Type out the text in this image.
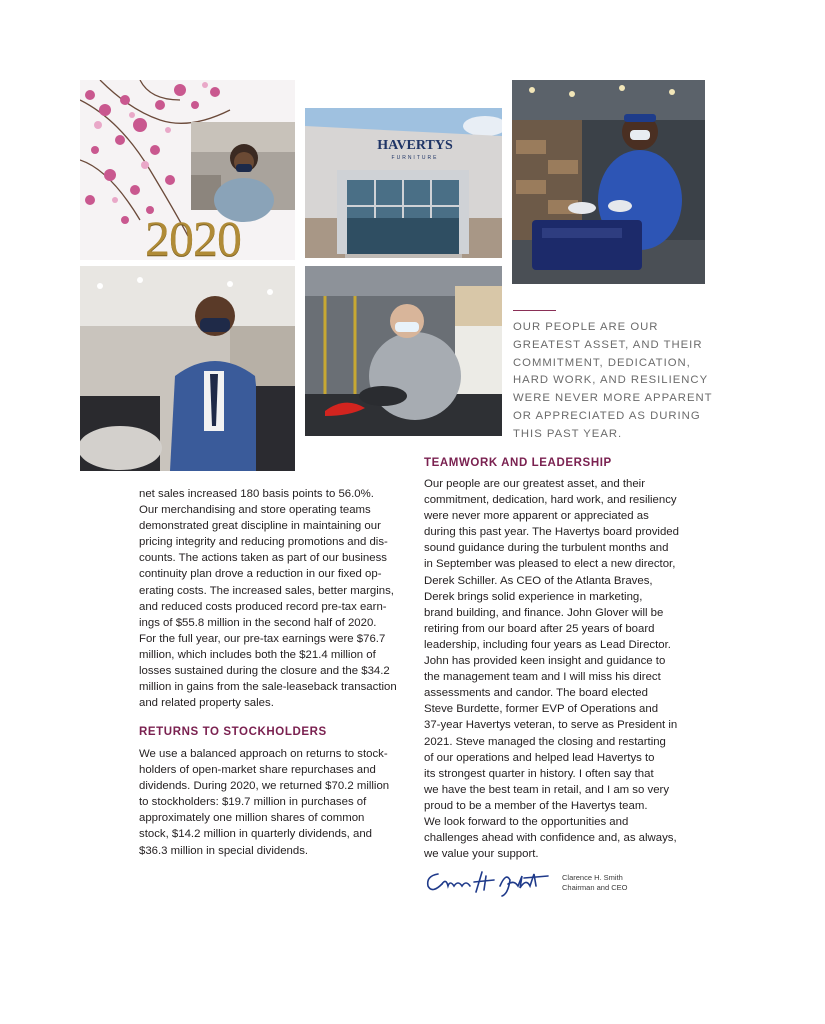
2020
HAVERTYS
FURNITURE
OUR PEOPLE ARE OUR GREATEST ASSET, AND THEIR COMMITMENT, DEDICATION, HARD WORK, AND RESILIENCY WERE NEVER MORE APPARENT OR APPRECIATED AS DURING THIS PAST YEAR.
TEAMWORK AND LEADERSHIP

Our people are our greatest asset, and their
commitment, dedication, hard work, and resiliency
were never more apparent or appreciated as
during this past year. The Havertys board provided
sound guidance during the turbulent months and
in September was pleased to elect a new director,
Derek Schiller. As CEO of the Atlanta Braves,
Derek brings solid experience in marketing,
brand building, and finance. John Glover will be
retiring from our board after 25 years of board
leadership, including four years as Lead Director.
John has provided keen insight and guidance to
the management team and I will miss his direct
assessments and candor. The board elected
Steve Burdette, former EVP of Operations and
37-year Havertys veteran, to serve as President in
2021. Steve managed the closing and restarting
of our operations and helped lead Havertys to
its strongest quarter in history. I often say that
we have the best team in retail, and I am so very
proud to be a member of the Havertys team.
We look forward to the opportunities and
challenges ahead with confidence and, as always,
we value your support.

net sales increased 180 basis points to 56.0%.
Our merchandising and store operating teams
demonstrated great discipline in maintaining our
pricing integrity and reducing promotions and dis-
counts. The actions taken as part of our business
continuity plan drove a reduction in our fixed op-
erating costs. The increased sales, better margins,
and reduced costs produced record pre-tax earn-
ings of $55.8 million in the second half of 2020.
For the full year, our pre-tax earnings were $76.7
million, which includes both the $21.4 million of
losses sustained during the closure and the $34.2
million in gains from the sale-leaseback transaction
and related property sales.

RETURNS TO STOCKHOLDERS

We use a balanced approach on returns to stock-
holders of open-market share repurchases and
dividends. During 2020, we returned $70.2 million
to stockholders: $19.7 million in purchases of
approximately one million shares of common
stock, $14.2 million in quarterly dividends, and
$36.3 million in special dividends.

Clarence H. Smith
Chairman and CEO
